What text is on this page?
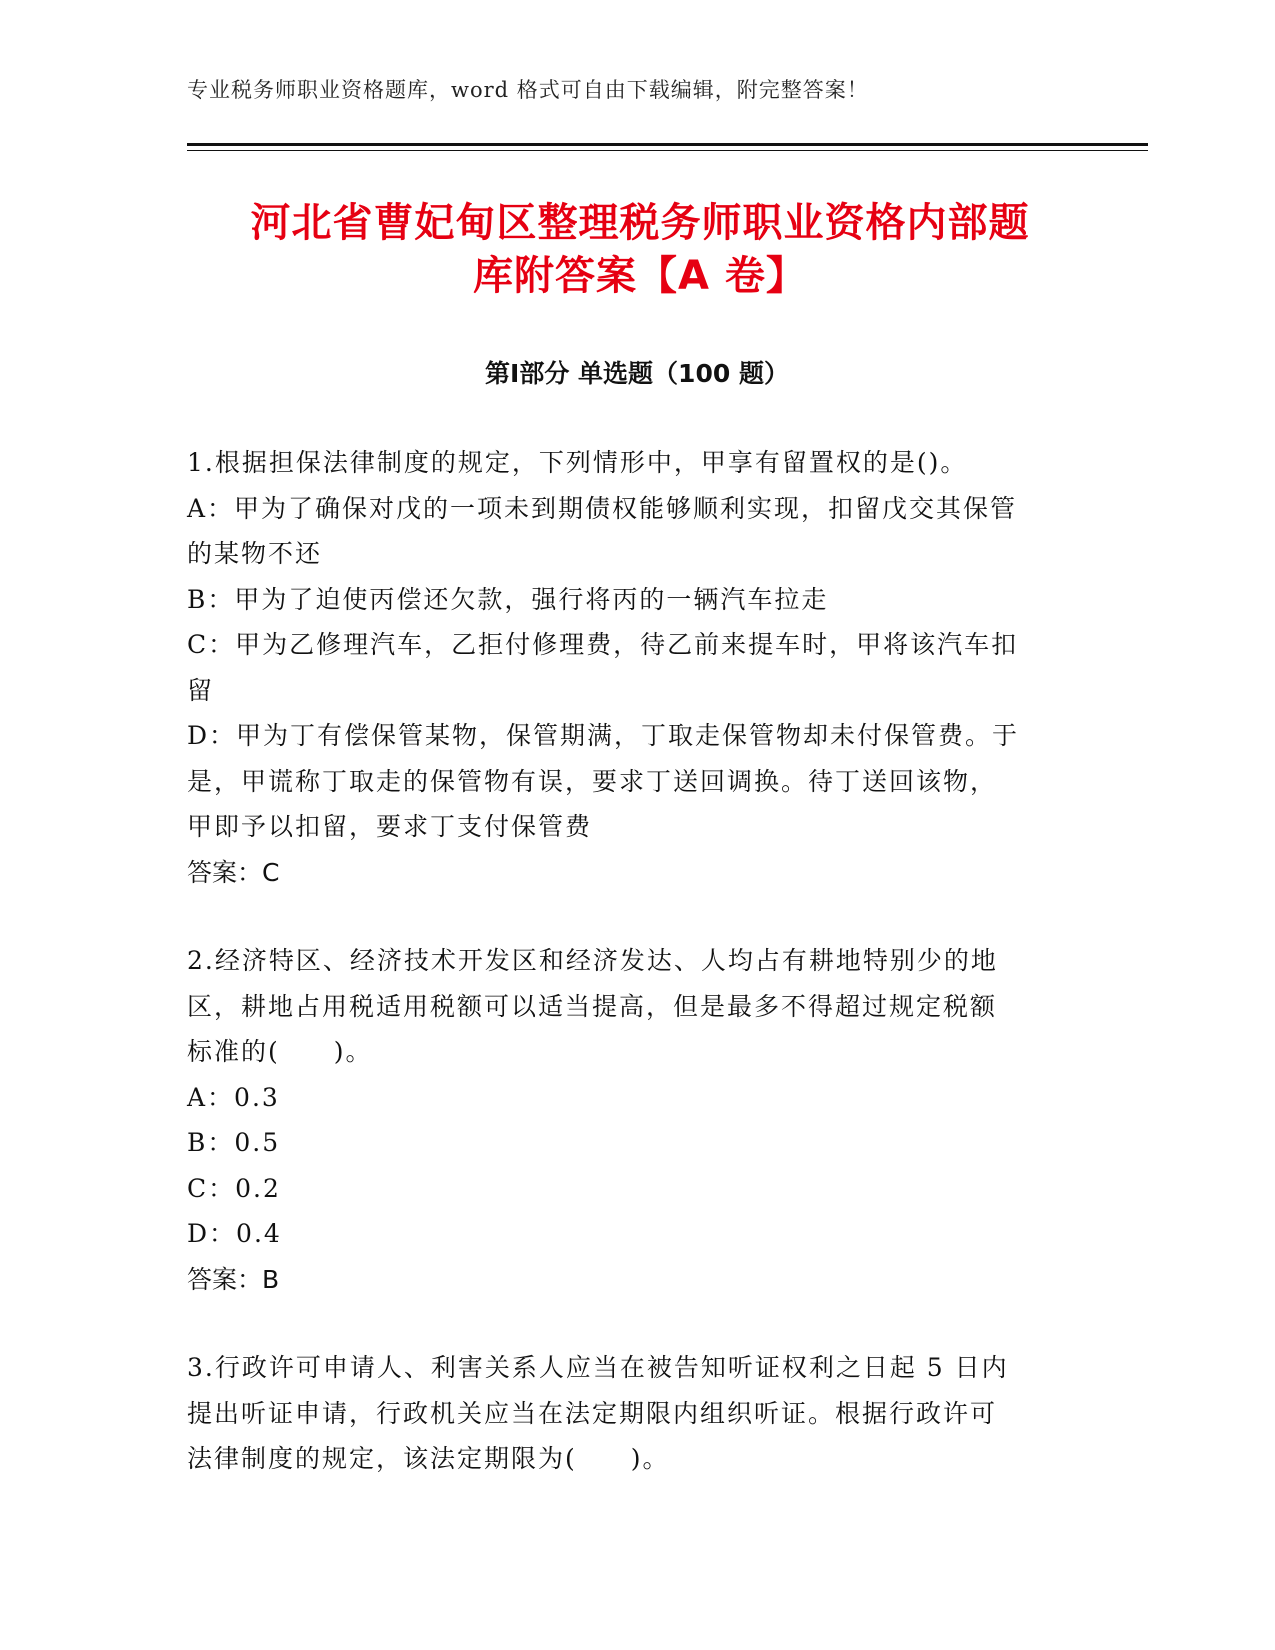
专业税务师职业资格题库，word 格式可自由下载编辑，附完整答案！
河北省曹妃甸区整理税务师职业资格内部题
库附答案【A 卷】
第Ⅰ部分 单选题（100 题）

1.根据担保法律制度的规定，下列情形中，甲享有留置权的是()。

A：甲为了确保对戊的一项未到期债权能够顺利实现，扣留戊交其保管

的某物不还

B：甲为了迫使丙偿还欠款，强行将丙的一辆汽车拉走

C：甲为乙修理汽车，乙拒付修理费，待乙前来提车时，甲将该汽车扣

留

D：甲为丁有偿保管某物，保管期满，丁取走保管物却未付保管费。于

是，甲谎称丁取走的保管物有误，要求丁送回调换。待丁送回该物，

甲即予以扣留，要求丁支付保管费

答案：C

2.经济特区、经济技术开发区和经济发达、人均占有耕地特别少的地

区，耕地占用税适用税额可以适当提高，但是最多不得超过规定税额

标准的(　　)。

A：0.3

B：0.5

C：0.2

D：0.4

答案：B

3.行政许可申请人、利害关系人应当在被告知听证权利之日起 5 日内

提出听证申请，行政机关应当在法定期限内组织听证。根据行政许可

法律制度的规定，该法定期限为(　　)。
